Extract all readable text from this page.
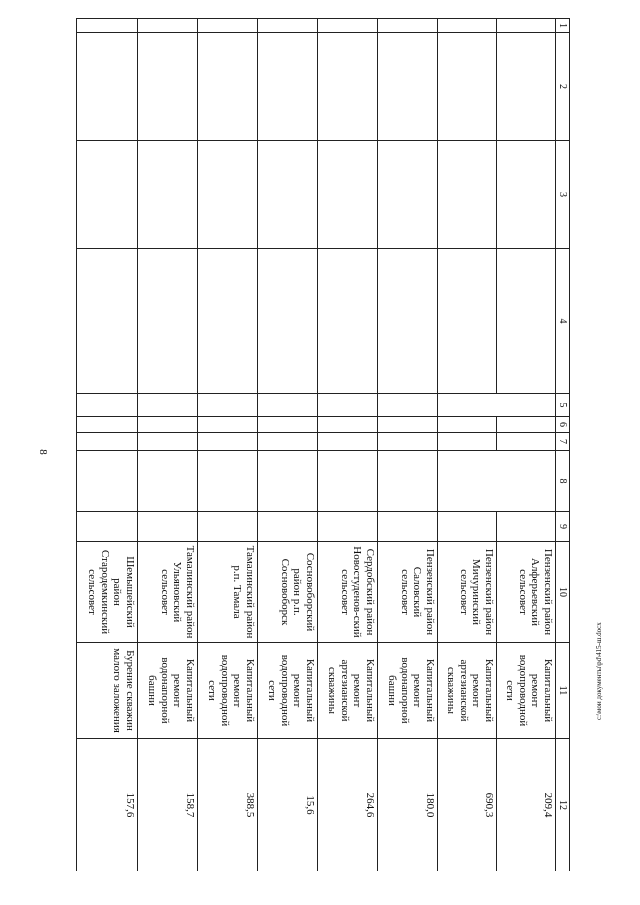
8
1	2	3	4	5	6	7	8	9	10	11	12
									Пензенский район Алферьевский сельсовет	Капитальный ремонт водопроводной сети	209,4
									Пензенский район Мичуринский сельсовет	Капитальный ремонт артезианской скважины	690,3
									Пензенский район Саловский сельсовет	Капитальный ремонт водонапорной башни	180,0
									Сердобский район Новостуденов-ский сельсовет	Капитальный ремонт артезианской скважины	264,6
									Сосновоборский район р.п. Сосновоборск	Капитальный ремонт водопроводной сети	15,6
									Тамалинский район р.п. Тамала	Капитальный ремонт водопроводной сети	388,5
									Тамалинский район Ульяновский сельсовет	Капитальный ремонт водонапорной башни	158,7
									Шемышейский район Стародемкинский сельсовет	Бурение скважин малого заложения	157,6
c:\мои документы\pd\415-ш.docx
